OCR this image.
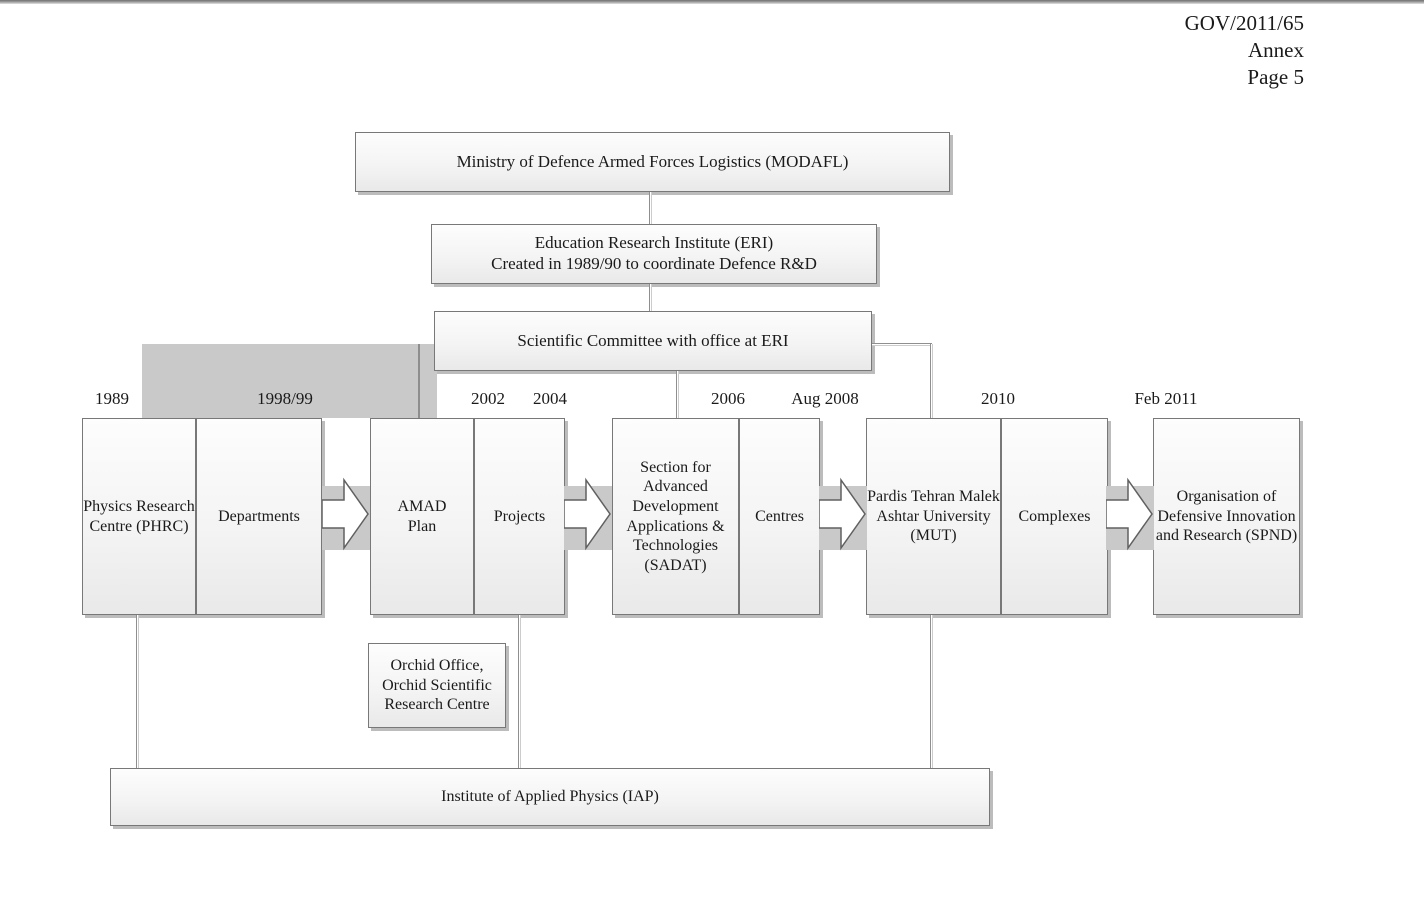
GOV/2011/65
Annex
Page 5
Ministry of Defence Armed Forces Logistics (MODAFL)
Education Research Institute (ERI)
Created in 1989/90 to coordinate Defence R&D
Scientific Committee with office at ERI
1989	1998/99	2002 2004	2006	Aug 2008	2010	Feb 2011
Physics Research Centre (PHRC)
Departments
AMAD Plan
Projects
Section for Advanced Development Applications & Technologies (SADAT)
Centres
Pardis Tehran Malek Ashtar University (MUT)
Complexes
Organisation of Defensive Innovation and Research (SPND)
Orchid Office, Orchid Scientific Research Centre
Institute of Applied Physics (IAP)
